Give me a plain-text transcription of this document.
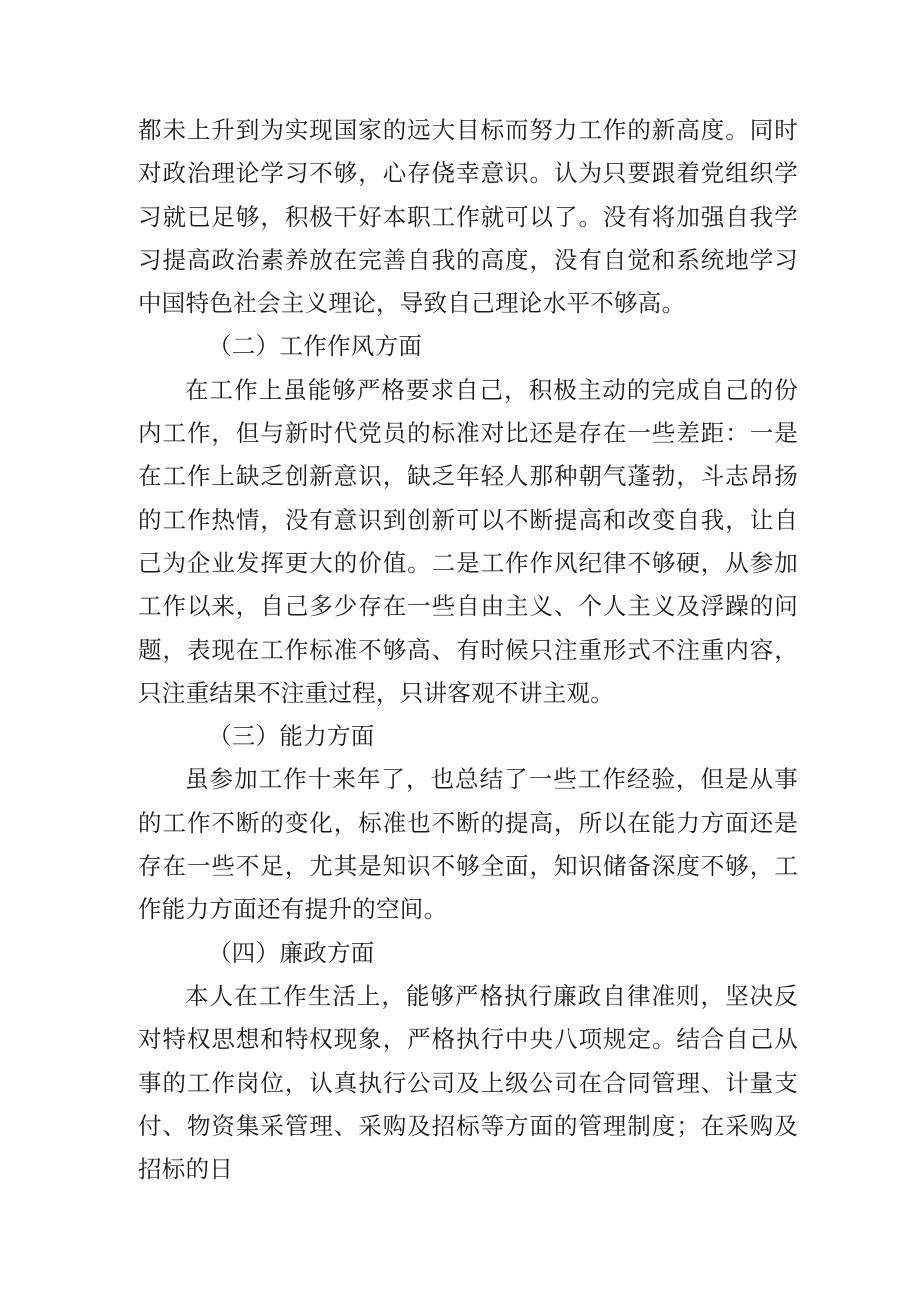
都未上升到为实现国家的远大目标而努力工作的新高度。同时对政治理论学习不够，心存侥幸意识。认为只要跟着党组织学习就已足够，积极干好本职工作就可以了。没有将加强自我学习提高政治素养放在完善自我的高度，没有自觉和系统地学习中国特色社会主义理论，导致自己理论水平不够高。

（二）工作作风方面

在工作上虽能够严格要求自己，积极主动的完成自己的份内工作，但与新时代党员的标准对比还是存在一些差距：一是在工作上缺乏创新意识，缺乏年轻人那种朝气蓬勃，斗志昂扬的工作热情，没有意识到创新可以不断提高和改变自我，让自己为企业发挥更大的价值。二是工作作风纪律不够硬，从参加工作以来，自己多少存在一些自由主义、个人主义及浮躁的问题，表现在工作标准不够高、有时候只注重形式不注重内容，只注重结果不注重过程，只讲客观不讲主观。

（三）能力方面

虽参加工作十来年了，也总结了一些工作经验，但是从事的工作不断的变化，标准也不断的提高，所以在能力方面还是存在一些不足，尤其是知识不够全面，知识储备深度不够，工作能力方面还有提升的空间。

（四）廉政方面

本人在工作生活上，能够严格执行廉政自律准则，坚决反对特权思想和特权现象，严格执行中央八项规定。结合自己从事的工作岗位，认真执行公司及上级公司在合同管理、计量支付、物资集采管理、采购及招标等方面的管理制度；在采购及招标的日
